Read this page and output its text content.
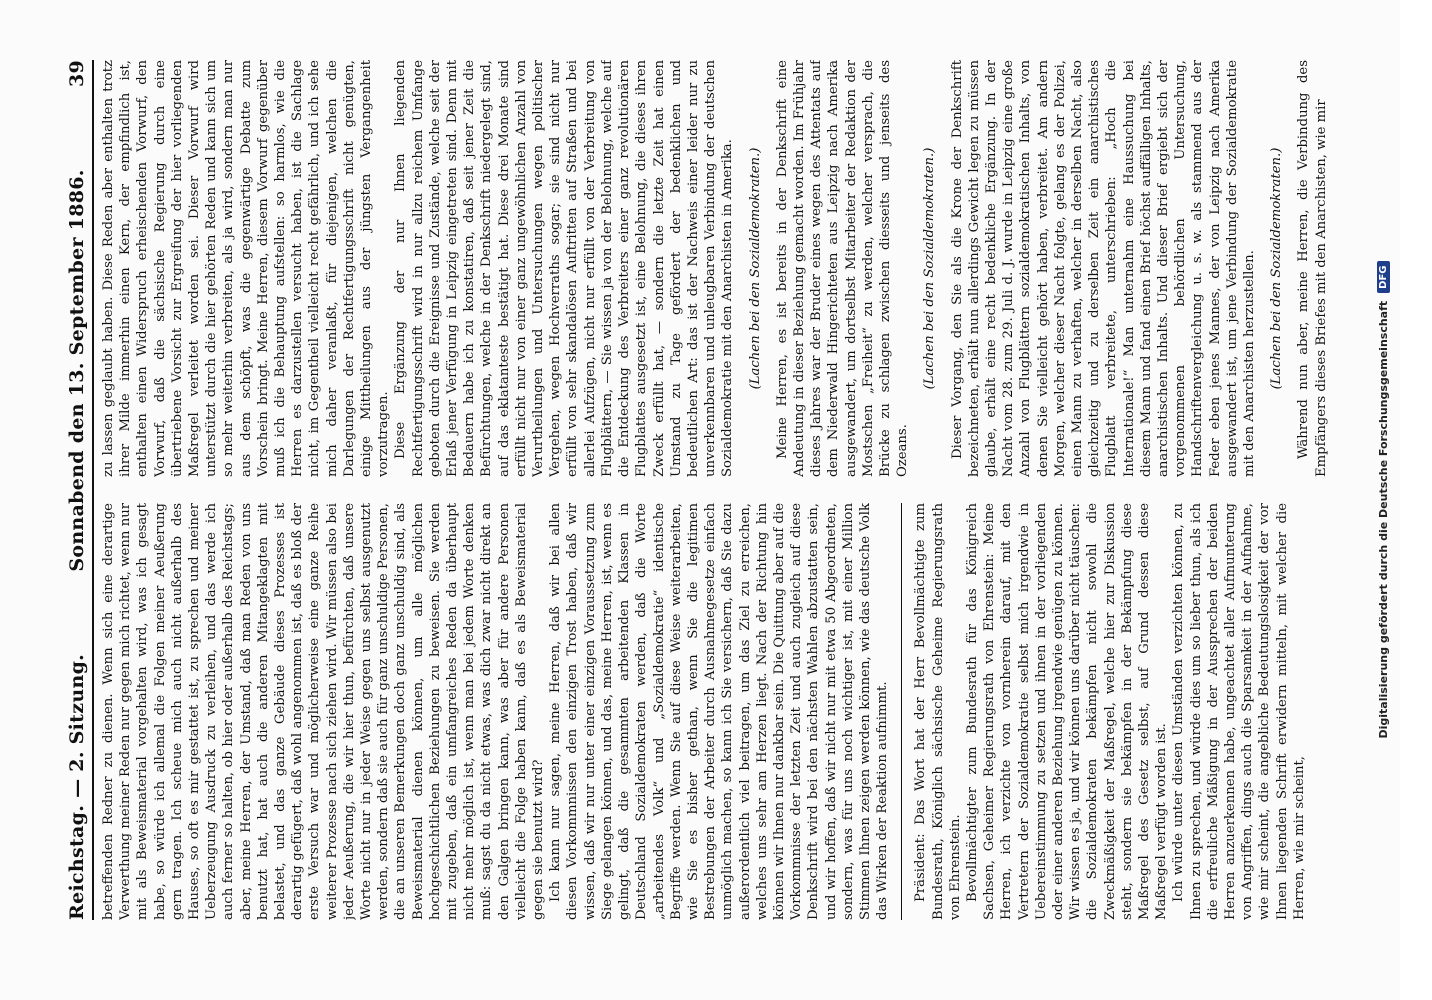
Reichstag. — 2. Sitzung.
Sonnabend den 13. September 1886.
39

betreffenden Redner zu dienen. Wenn sich eine derartige Verwerthung meiner Reden nur gegen mich richtet, wenn nur mit als Beweismaterial vorgehalten wird, was ich gesagt habe, so würde ich allemal die Folgen meiner Aeußerung gern tragen. Ich scheue mich auch nicht außerhalb des Hauses, so oft es mir gestattet ist, zu sprechen und meiner Ueberzeugung Ausdruck zu verleihen, und das werde ich auch ferner so halten, ob hier oder außerhalb des Reichstags; aber, meine Herren, der Umstand, daß man Reden von uns benutzt hat, hat auch die anderen Mitangeklagten mit belastet, und das ganze Gebäude dieses Prozesses ist derartig gefügert, daß wohl angenommen ist, daß es bloß der erste Versuch war und möglicherweise eine ganze Reihe weiterer Prozesse nach sich ziehen wird. Wir müssen also bei jeder Aeußerung, die wir hier thun, befürchten, daß unsere Worte nicht nur in jeder Weise gegen uns selbst ausgenutzt werden, sondern daß sie auch für ganz unschuldige Personen, die an unseren Bemerkungen doch ganz unschuldig sind, als Beweismaterial dienen können, um alle möglichen hochgeschichtlichen Beziehungen zu beweisen. Sie werden mit zugeben, daß ein umfangreiches Reden da überhaupt nicht mehr möglich ist, wenn man bei jedem Worte denken muß: sagst du da nicht etwas, was dich zwar nicht direkt an den Galgen bringen kann, was aber für andere Personen vielleicht die Folge haben kann, daß es als Beweismaterial gegen sie benutzt wird? Ich kann nur sagen, meine Herren, daß wir bei allen diesen Vorkommnissen den einzigen Trost haben, daß wir wissen, daß wir nur unter einer einzigen Voraussetzung zum Siege gelangen können, und das, meine Herren, ist, wenn es gelingt, daß die gesammten arbeitenden Klassen in Deutschland Sozialdemokraten werden, daß die Worte „arbeitendes Volk“ und „Sozialdemokratie“ identische Begriffe werden. Wenn Sie auf diese Weise weiterarbeiten, wie Sie es bisher gethan, wenn Sie die legitimen Bestrebungen der Arbeiter durch Ausnahmegesetze einfach unmöglich machen, so kann ich Sie versichern, daß Sie dazu außerordentlich viel beitragen, um das Ziel zu erreichen, welches uns sehr am Herzen liegt. Nach der Richtung hin können wir Ihnen nur dankbar sein. Die Quittung aber auf die Vorkommnisse der letzten Zeit und auch zugleich auf diese Denkschrift wird bei den nächsten Wahlen abzustatten sein, und wir hoffen, daß wir nicht nur mit etwa 50 Abgeordneten, sondern, was für uns noch wichtiger ist, mit einer Million Stimmen Ihnen zeigen werden können, wie das deutsche Volk das Wirken der Reaktion aufnimmt. Präsident: Das Wort hat der Herr Bevollmächtigte zum Bundesrath, Königlich sächsische Geheime Regierungsrath von Ehrenstein. Bevollmächtigter zum Bundesrath für das Königreich Sachsen, Geheimer Regierungsrath von Ehrenstein: Meine Herren, ich verzichte von vornherein darauf, mit den Vertretern der Sozialdemokratie selbst mich irgendwie in Uebereinstimmung zu setzen und ihnen in der vorliegenden oder einer anderen Beziehung irgendwie genügen zu können. Wir wissen es ja, und wir können uns darüber nicht täuschen: die Sozialdemokraten bekämpfen nicht sowohl die Zweckmäßigkeit der Maßregel, welche hier zur Diskussion steht, sondern sie bekämpfen in der Bekämpfung diese Maßregel des Gesetz selbst, auf Grund dessen diese Maßregel verfügt worden ist. Ich würde unter diesen Umständen verzichten können, zu Ihnen zu sprechen, und würde dies um so lieber thun, als ich die erfreuliche Mäßigung in der Aussprechen der beiden Herren anzuerkennen habe, ungeachtet aller Aufmunterung von Angriffen, dings auch die Sparsamkeit in der Aufnahme, wie mir scheint, die angebliche Bedeutungslosigkeit der vor Ihnen liegenden Schrift erwidern mitteln, mit welcher die Herren, wie mir scheint,

zu lassen geglaubt haben. Diese Reden aber enthalten trotz ihrer Milde immerhin einen Kern, der empfindlich ist, enthalten einen Widerspruch erheischenden Vorwurf, den Vorwurf, daß die sächsische Regierung durch eine übertriebene Vorsicht zur Ergreifung der hier vorliegenden Maßregel verleitet worden sei. Dieser Vorwurf wird unterstützt durch die hier gehörten Reden und kann sich um so mehr weiterhin verbreiten, als ja wird, sondern man nur aus dem schöpft, was die gegenwärtige Debatte zum Vorschein bringt. Meine Herren, diesem Vorwurf gegenüber muß ich die Behauptung aufstellen: so harmlos, wie die Herren es darzustellen versucht haben, ist die Sachlage nicht, im Gegentheil vielleicht recht gefährlich, und ich sehe mich daher veranlaßt, für diejenigen, welchen die Darlegungen der Rechtfertigungsschrift nicht genügten, einige Mittheilungen aus der jüngsten Vergangenheit vorzutragen. Diese Ergänzung der nur Ihnen liegenden Rechtfertigungsschrift wird in nur allzu reichem Umfange geboten durch die Ereignisse und Zustände, welche seit der Erlaß jener Verfügung in Leipzig eingetreten sind. Denn mit Bedauern habe ich zu konstatiren, daß seit jener Zeit die Befürchtungen, welche in der Denkschrift niedergelegt sind, auf das eklatanteste bestätigt hat. Diese drei Monate sind erfüllt nicht nur von einer ganz ungewöhnlichen Anzahl von Verurtheilungen und Untersuchungen wegen politischer Vergehen, wegen Hochverraths sogar; sie sind nicht nur erfüllt von sehr skandalösen Auftritten auf Straßen und bei allerlei Aufzügen, nicht nur erfüllt von der Verbreitung von Flugblättern, — Sie wissen ja von der Belohnung, welche auf die Entdeckung des Verbreiters einer ganz revolutionären Flugblattes ausgesetzt ist, eine Belohnung, die dieses ihren Zweck erfüllt hat, — sondern die letzte Zeit hat einen Umstand zu Tage gefördert der bedenklichen und bedeutlichen Art: das ist der Nachweis einer leider nur zu unverkennbaren und unleugbaren Verbindung der deutschen Sozialdemokratie mit den Anarchisten in Amerika. (Lachen bei den Sozialdemokraten.) Meine Herren, es ist bereits in der Denkschrift eine Andeutung in dieser Beziehung gemacht worden. Im Frühjahr dieses Jahres war der Bruder eines wegen des Attentats auf dem Niederwald Hingerichteten aus Leipzig nach Amerika ausgewandert, um dortselbst Mitarbeiter der Redaktion der Mostschen „Freiheit“ zu werden, welcher versprach, die Brücke zu schlagen zwischen diesseits und jenseits des Ozeans.

(Lachen bei den Sozialdemokraten.) Dieser Vorgang, den Sie als die Krone der Denkschrift bezeichneten, erhält nun allerdings Gewicht legen zu müssen glaube, erhält eine recht bedenkliche Ergänzung. In der Nacht vom 28. zum 29. Juli d. J. wurde in Leipzig eine große Anzahl von Flugblättern sozialdemokratischen Inhalts, von denen Sie vielleicht gehört haben, verbreitet. Am andern Morgen, welcher dieser Nacht folgte, gelang es der Polizei, einen Mann zu verhaften, welcher in derselben Nacht, also gleichzeitig und zu derselben Zeit ein anarchistisches Flugblatt verbreitete, unterschrieben: „Hoch die Internationale!“ Man unternahm eine Haussuchung bei diesem Mann und fand einen Brief höchst auffälligen Inhalts, anarchistischen Inhalts. Und dieser Brief ergiebt sich der vorgenommenen behördlichen Untersuchung, Handschriftenvergleichung u. s. w. als stammend aus der Feder eben jenes Mannes, der von Leipzig nach Amerika ausgewandert ist, um jene Verbindung der Sozialdemokratie mit den Anarchisten herzustellen. (Lachen bei den Sozialdemokraten.) Während nun aber, meine Herren, die Verbindung des Empfängers dieses Briefes mit den Anarchisten, wie mir

Digitalisierung gefördert durch die Deutsche Forschungsgemeinschaft
DFG
